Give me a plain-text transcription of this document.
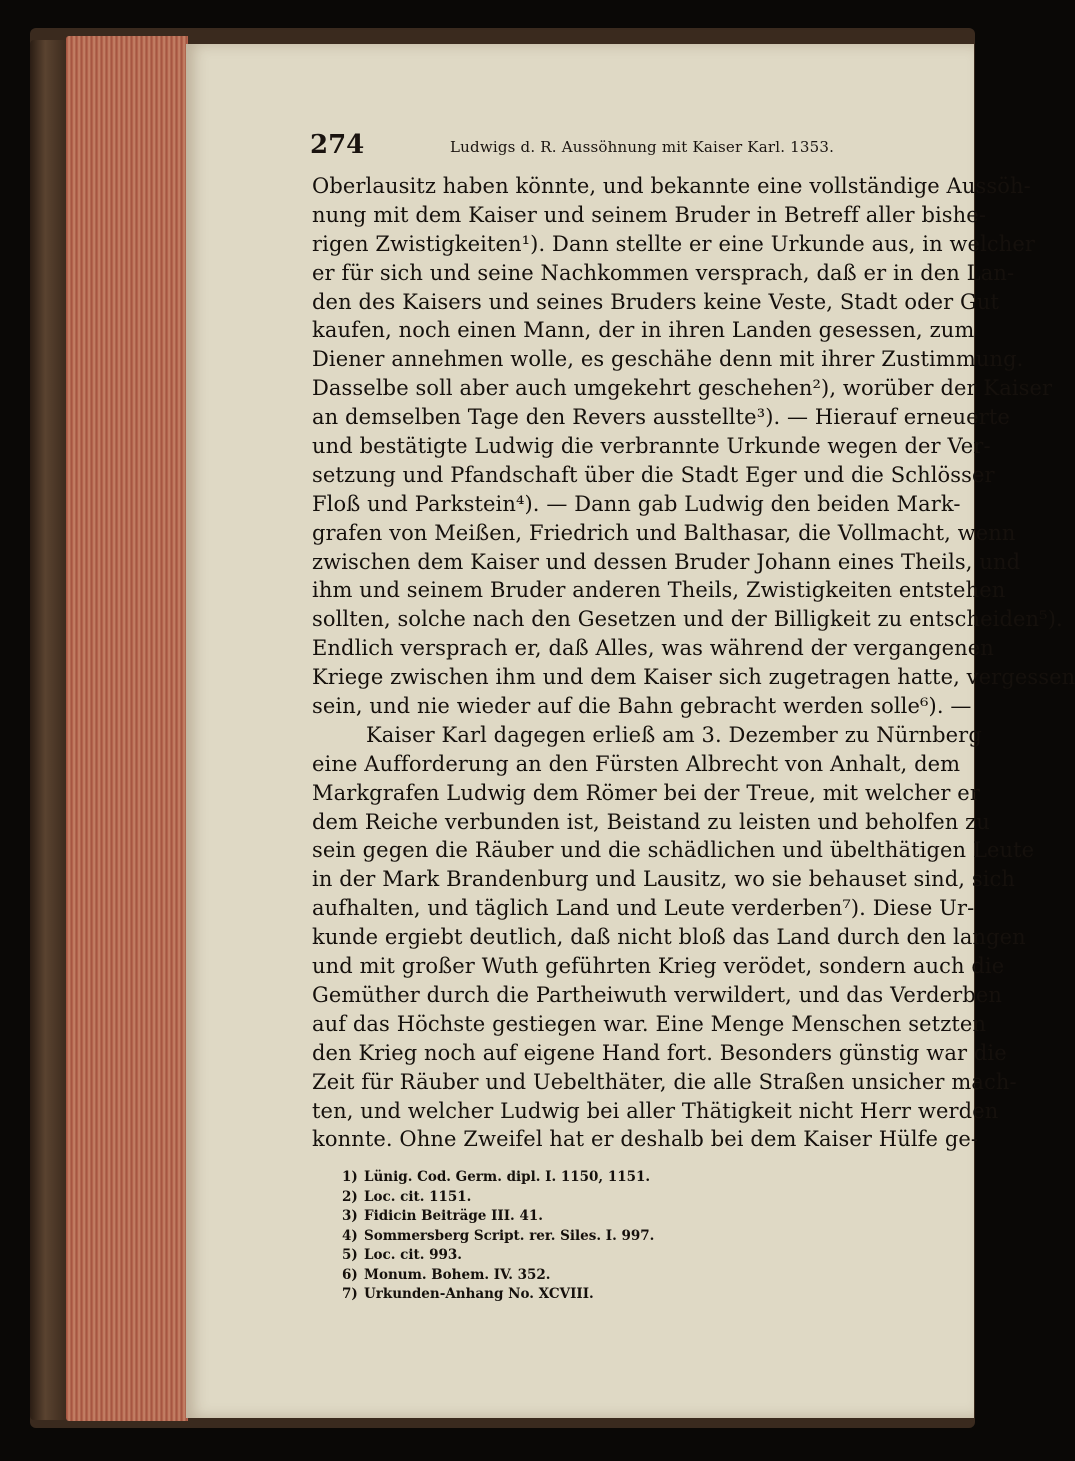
274	Ludwigs d. R. Aussöhnung mit Kaiser Karl. 1353.
Oberlausitz haben könnte, und bekannte eine vollständige Aussöh-
nung mit dem Kaiser und seinem Bruder in Betreff aller bishe-
rigen Zwistigkeiten¹). Dann stellte er eine Urkunde aus, in welcher
er für sich und seine Nachkommen versprach, daß er in den Lan-
den des Kaisers und seines Bruders keine Veste, Stadt oder Gut
kaufen, noch einen Mann, der in ihren Landen gesessen, zum
Diener annehmen wolle, es geschähe denn mit ihrer Zustimmung.
Dasselbe soll aber auch umgekehrt geschehen²), worüber der Kaiser
an demselben Tage den Revers ausstellte³). — Hierauf erneuerte
und bestätigte Ludwig die verbrannte Urkunde wegen der Ver-
setzung und Pfandschaft über die Stadt Eger und die Schlösser
Floß und Parkstein⁴). — Dann gab Ludwig den beiden Mark-
grafen von Meißen, Friedrich und Balthasar, die Vollmacht, wenn
zwischen dem Kaiser und dessen Bruder Johann eines Theils, und
ihm und seinem Bruder anderen Theils, Zwistigkeiten entstehen
sollten, solche nach den Gesetzen und der Billigkeit zu entscheiden⁵).
Endlich versprach er, daß Alles, was während der vergangenen
Kriege zwischen ihm und dem Kaiser sich zugetragen hatte, vergessen
sein, und nie wieder auf die Bahn gebracht werden solle⁶). —
Kaiser Karl dagegen erließ am 3. Dezember zu Nürnberg
eine Aufforderung an den Fürsten Albrecht von Anhalt, dem
Markgrafen Ludwig dem Römer bei der Treue, mit welcher er
dem Reiche verbunden ist, Beistand zu leisten und beholfen zu
sein gegen die Räuber und die schädlichen und übelthätigen Leute
in der Mark Brandenburg und Lausitz, wo sie behauset sind, sich
aufhalten, und täglich Land und Leute verderben⁷). Diese Ur-
kunde ergiebt deutlich, daß nicht bloß das Land durch den langen
und mit großer Wuth geführten Krieg verödet, sondern auch die
Gemüther durch die Partheiwuth verwildert, und das Verderben
auf das Höchste gestiegen war. Eine Menge Menschen setzten
den Krieg noch auf eigene Hand fort. Besonders günstig war die
Zeit für Räuber und Uebelthäter, die alle Straßen unsicher mach-
ten, und welcher Ludwig bei aller Thätigkeit nicht Herr werden
konnte. Ohne Zweifel hat er deshalb bei dem Kaiser Hülfe ge-
1) Lünig. Cod. Germ. dipl. I. 1150, 1151.
2) Loc. cit. 1151.
3) Fidicin Beiträge III. 41.
4) Sommersberg Script. rer. Siles. I. 997.
5) Loc. cit. 993.
6) Monum. Bohem. IV. 352.
7) Urkunden-Anhang No. XCVIII.
